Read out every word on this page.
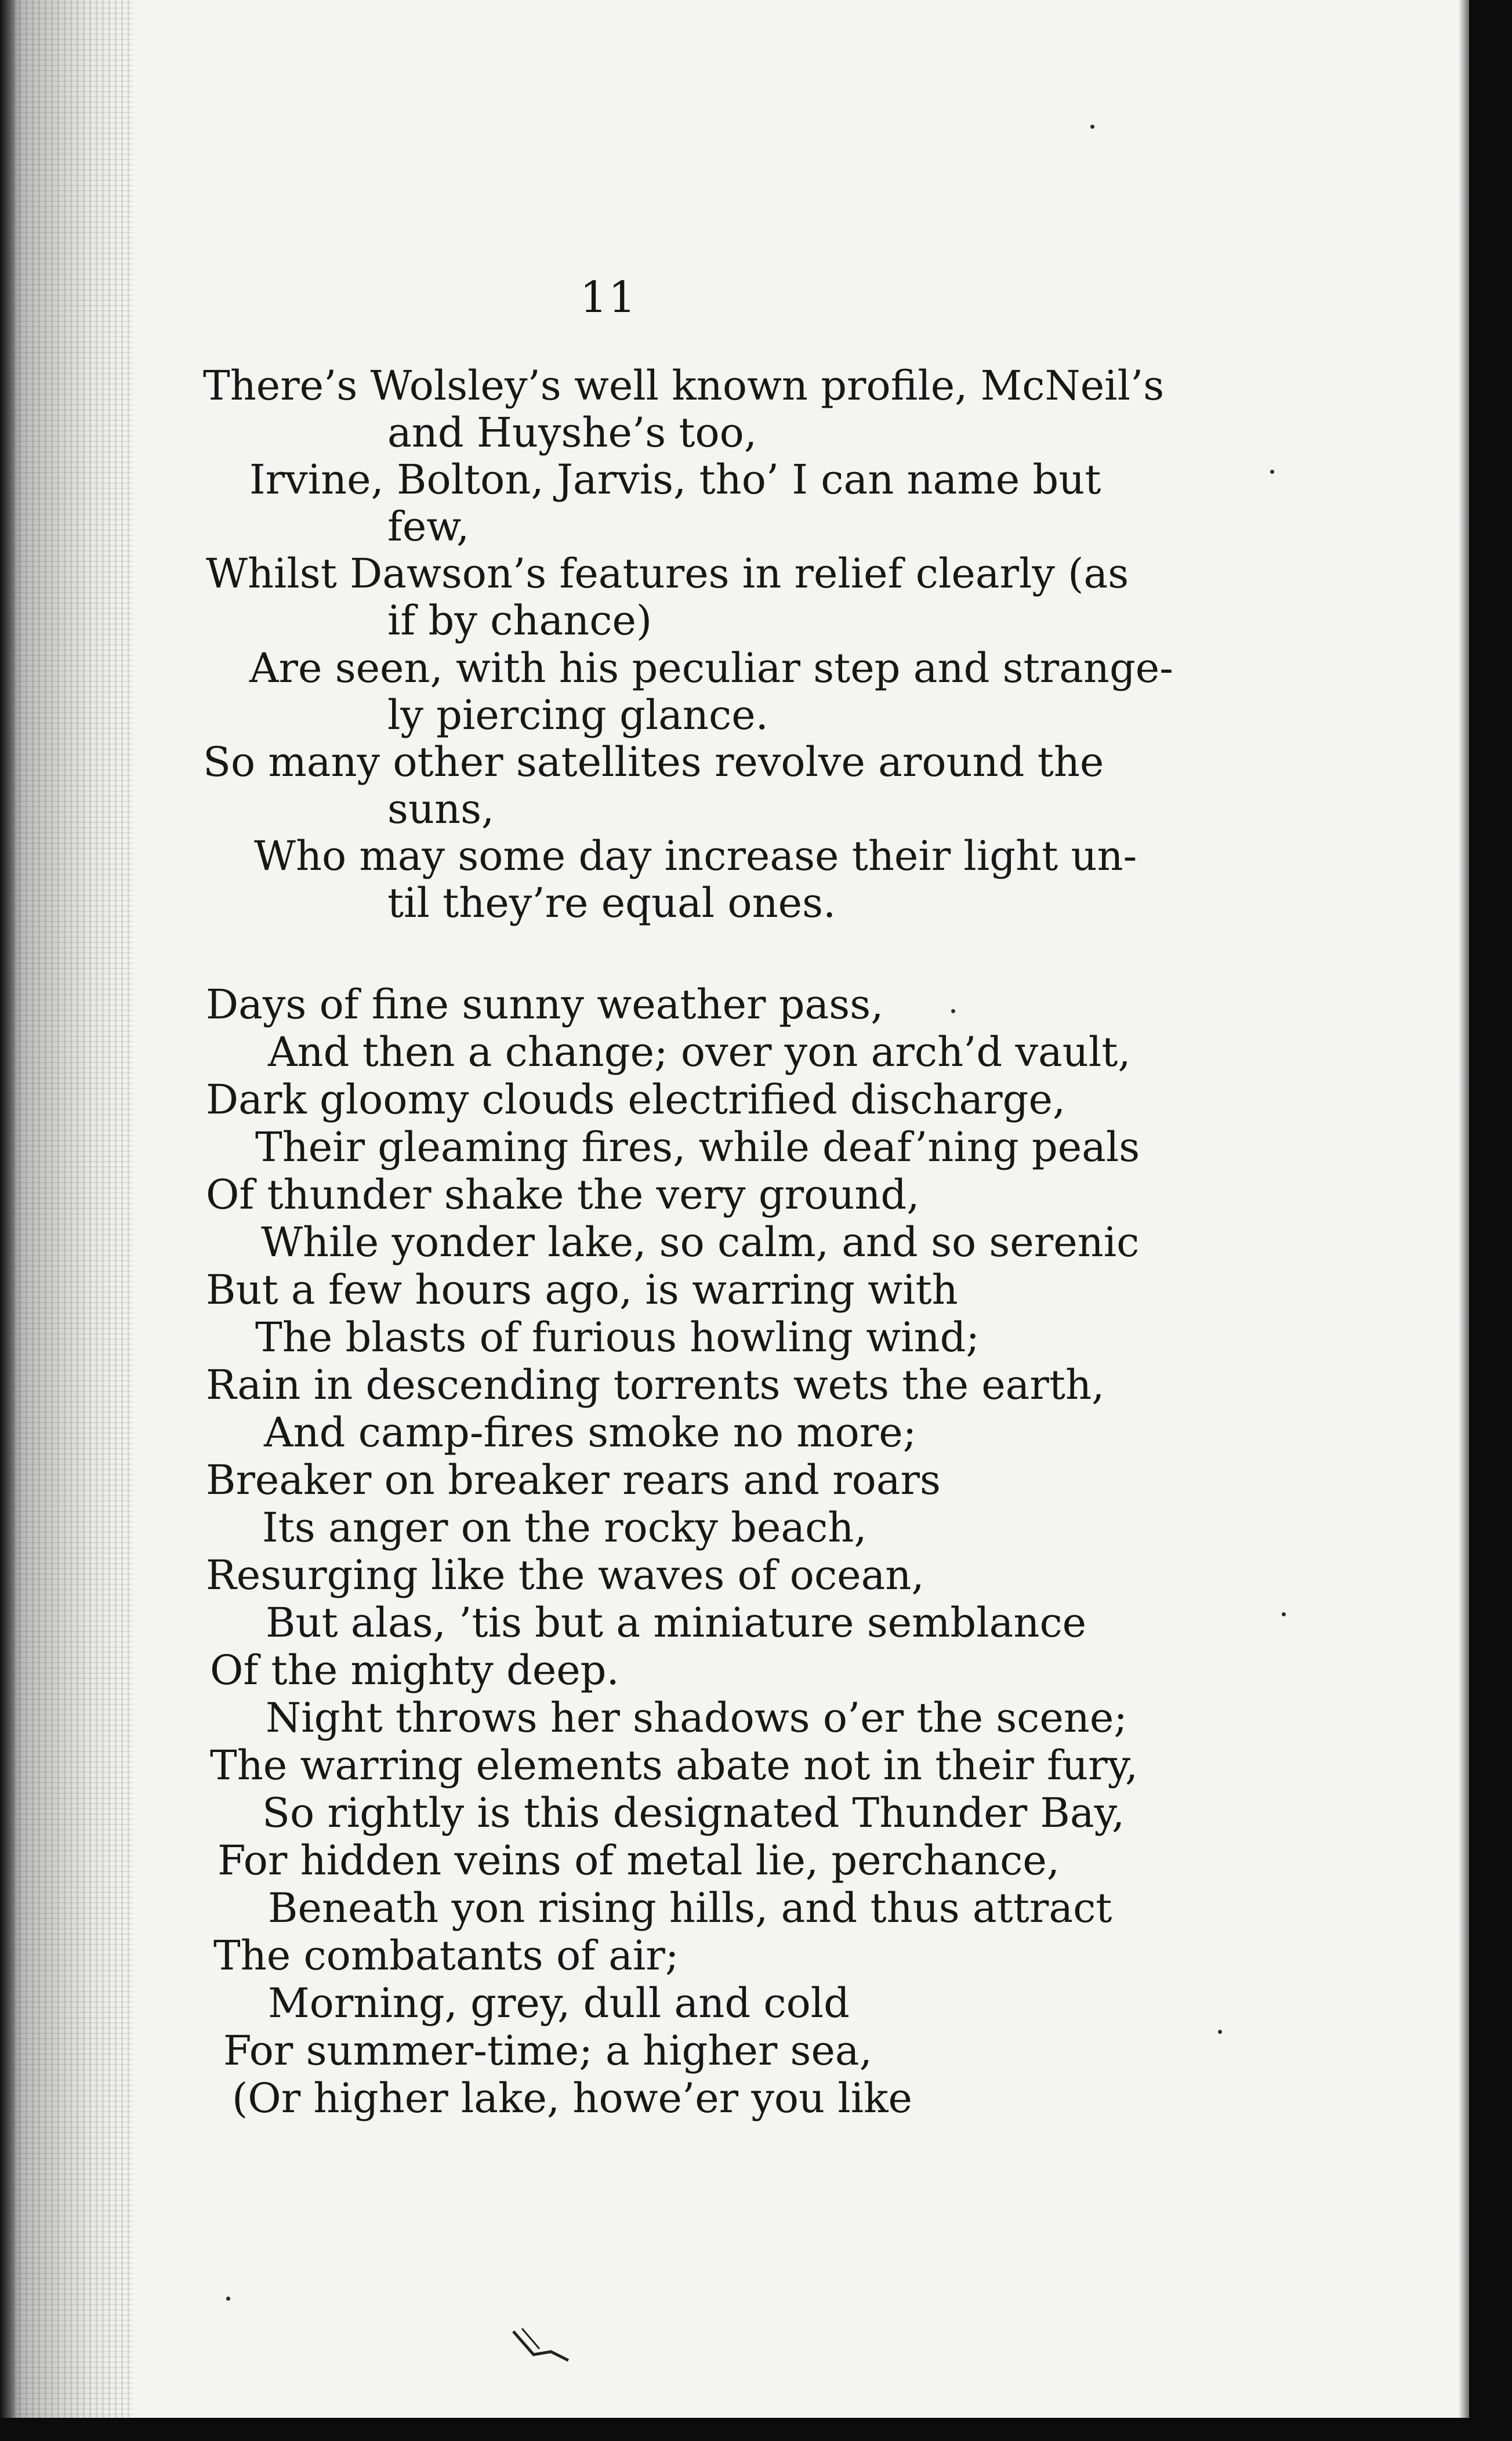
11
There’s Wolsley’s well known profile, McNeil’s
and Huyshe’s too,
Irvine, Bolton, Jarvis, tho’ I can name but
few,
Whilst Dawson’s features in relief clearly (as
if by chance)
Are seen, with his peculiar step and strange-
ly piercing glance.
So many other satellites revolve around the
suns,
Who may some day increase their light un-
til they’re equal ones.
Days of fine sunny weather pass,
And then a change; over yon arch’d vault,
Dark gloomy clouds electrified discharge,
Their gleaming fires, while deaf’ning peals
Of thunder shake the very ground,
While yonder lake, so calm, and so serenic
But a few hours ago, is warring with
The blasts of furious howling wind;
Rain in descending torrents wets the earth,
And camp-fires smoke no more;
Breaker on breaker rears and roars
Its anger on the rocky beach,
Resurging like the waves of ocean,
But alas, ’tis but a miniature semblance
Of the mighty deep.
Night throws her shadows o’er the scene;
The warring elements abate not in their fury,
So rightly is this designated Thunder Bay,
For hidden veins of metal lie, perchance,
Beneath yon rising hills, and thus attract
The combatants of air;
Morning, grey, dull and cold
For summer-time; a higher sea,
(Or higher lake, howe’er you like
